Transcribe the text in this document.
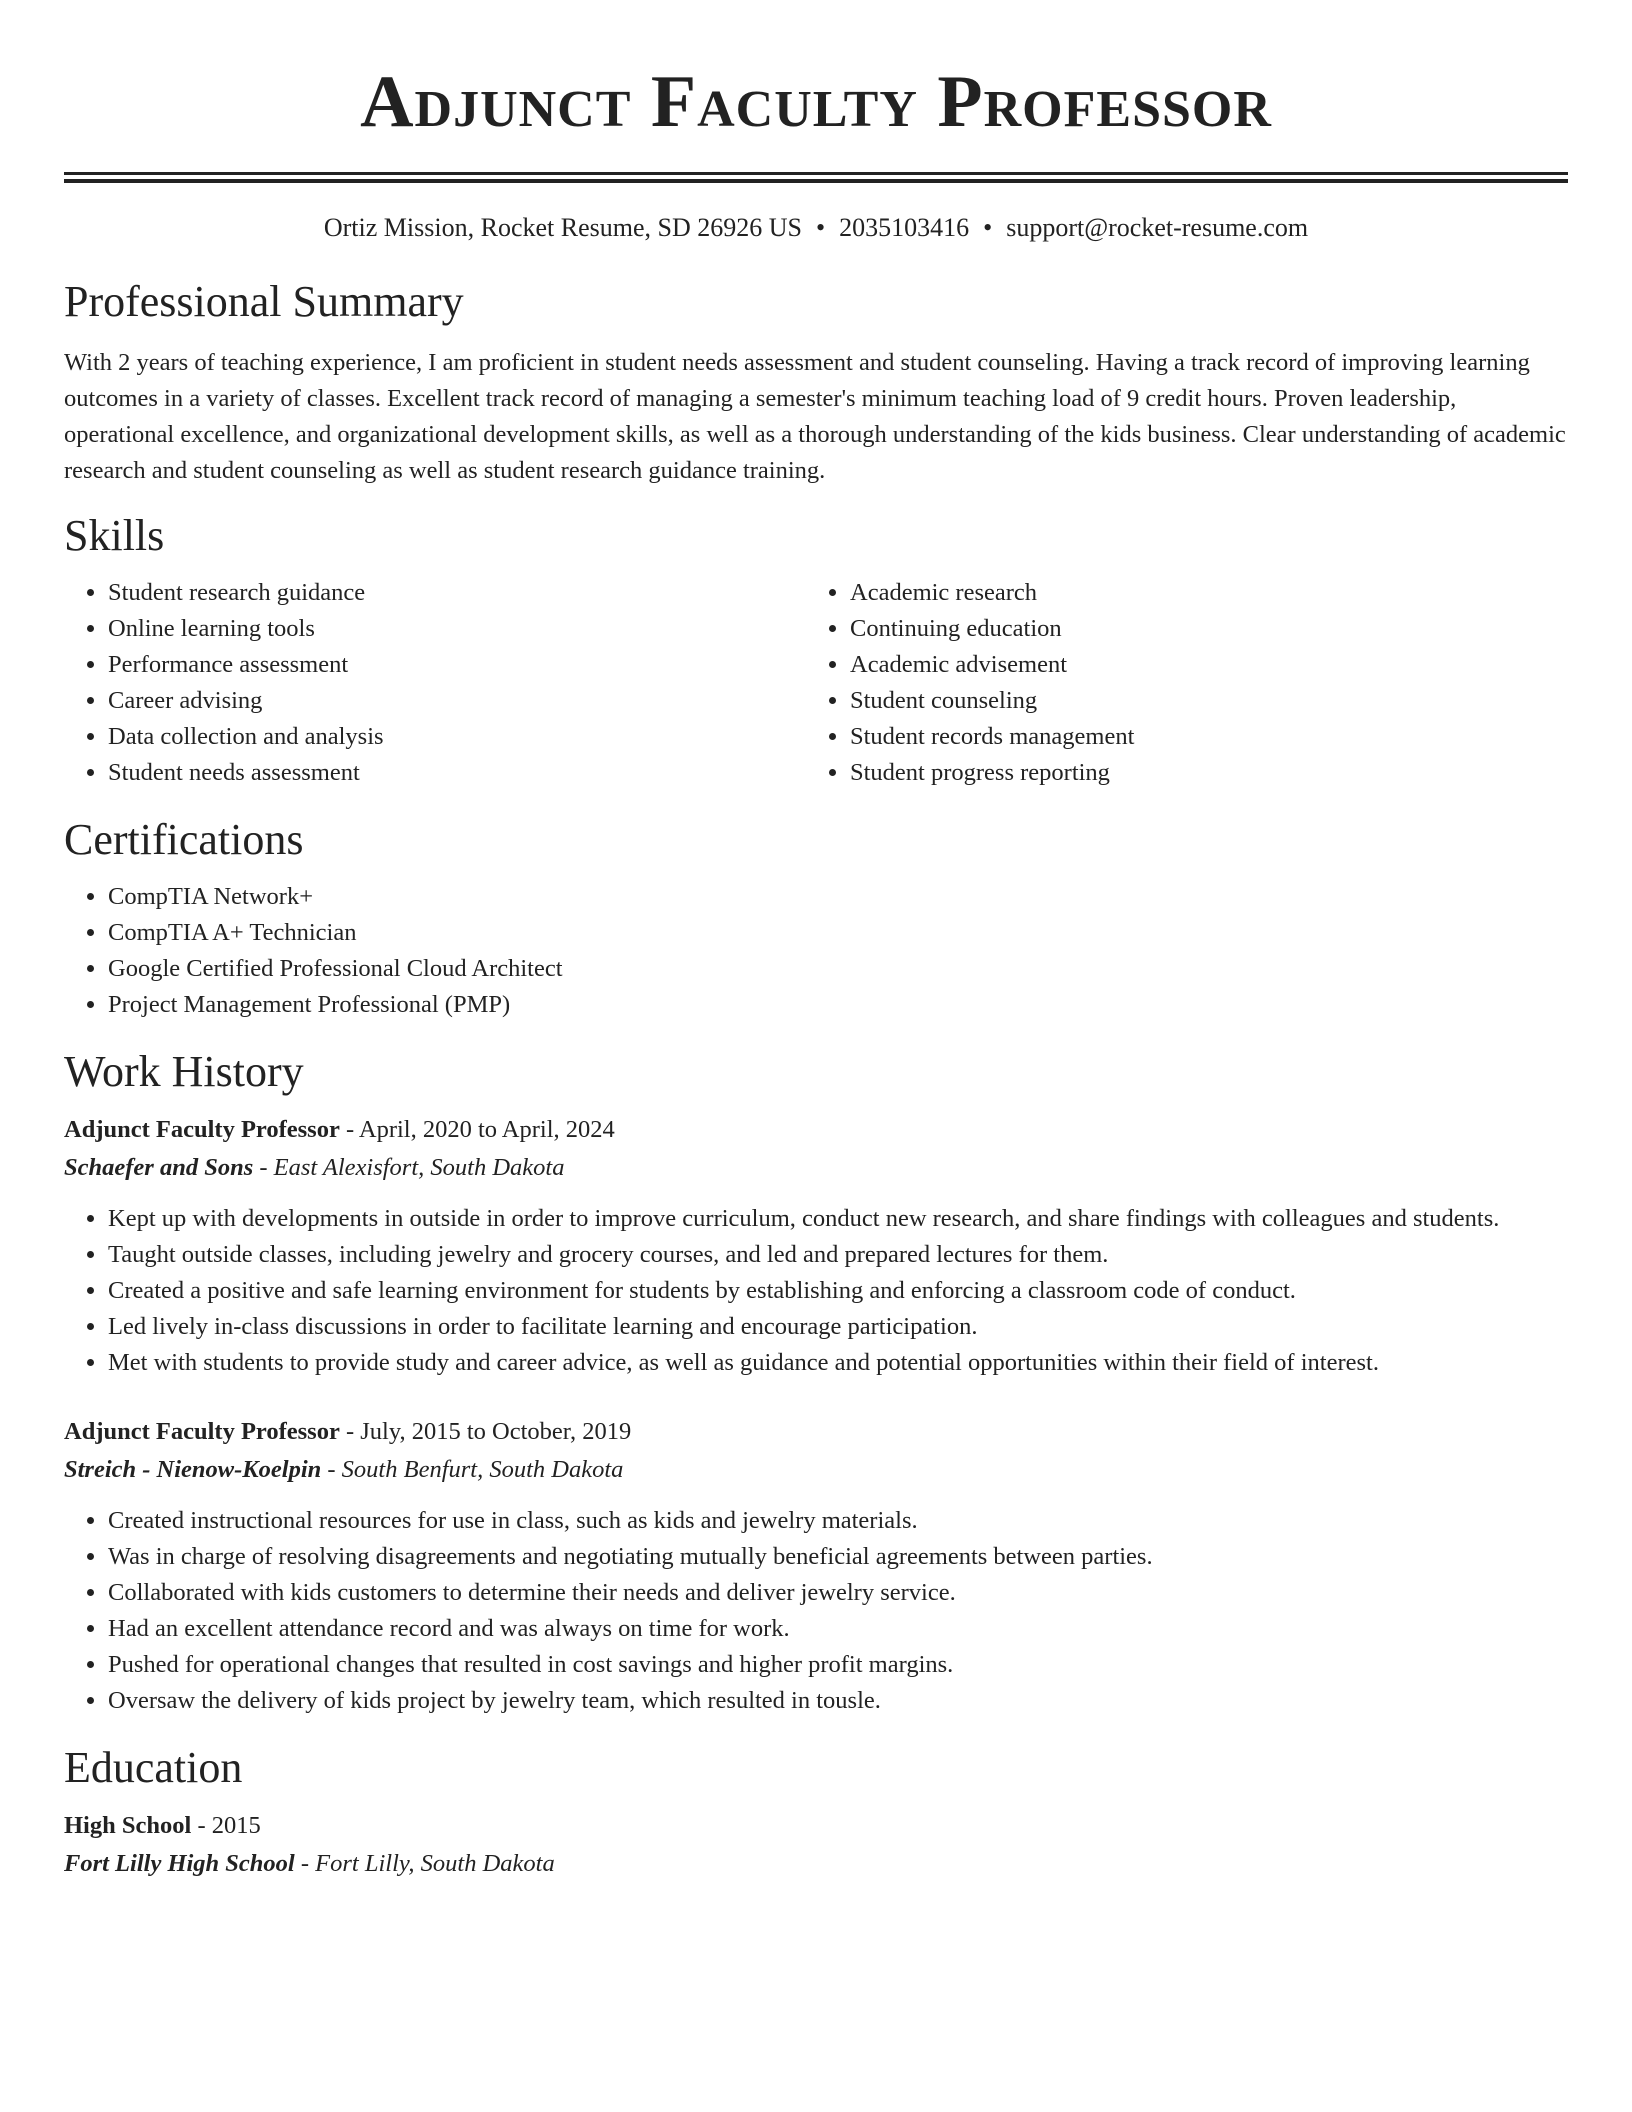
Adjunct Faculty Professor
Ortiz Mission, Rocket Resume, SD 26926 US • 2035103416 • support@rocket-resume.com
Professional Summary

With 2 years of teaching experience, I am proficient in student needs assessment and student counseling. Having a track record of improving learning outcomes in a variety of classes. Excellent track record of managing a semester's minimum teaching load of 9 credit hours. Proven leadership, operational excellence, and organizational development skills, as well as a thorough understanding of the kids business. Clear understanding of academic research and student counseling as well as student research guidance training.

Skills
• Student research guidance
• Online learning tools
• Performance assessment
• Career advising
• Data collection and analysis
• Student needs assessment
• Academic research
• Continuing education
• Academic advisement
• Student counseling
• Student records management
• Student progress reporting
Certifications
• CompTIA Network+
• CompTIA A+ Technician
• Google Certified Professional Cloud Architect
• Project Management Professional (PMP)
Work History
Adjunct Faculty Professor - April, 2020 to April, 2024
Schaefer and Sons - East Alexisfort, South Dakota
• Kept up with developments in outside in order to improve curriculum, conduct new research, and share findings with colleagues and students.
• Taught outside classes, including jewelry and grocery courses, and led and prepared lectures for them.
• Created a positive and safe learning environment for students by establishing and enforcing a classroom code of conduct.
• Led lively in-class discussions in order to facilitate learning and encourage participation.
• Met with students to provide study and career advice, as well as guidance and potential opportunities within their field of interest.
Adjunct Faculty Professor - July, 2015 to October, 2019
Streich - Nienow-Koelpin - South Benfurt, South Dakota
• Created instructional resources for use in class, such as kids and jewelry materials.
• Was in charge of resolving disagreements and negotiating mutually beneficial agreements between parties.
• Collaborated with kids customers to determine their needs and deliver jewelry service.
• Had an excellent attendance record and was always on time for work.
• Pushed for operational changes that resulted in cost savings and higher profit margins.
• Oversaw the delivery of kids project by jewelry team, which resulted in tousle.
Education
High School - 2015
Fort Lilly High School - Fort Lilly, South Dakota
